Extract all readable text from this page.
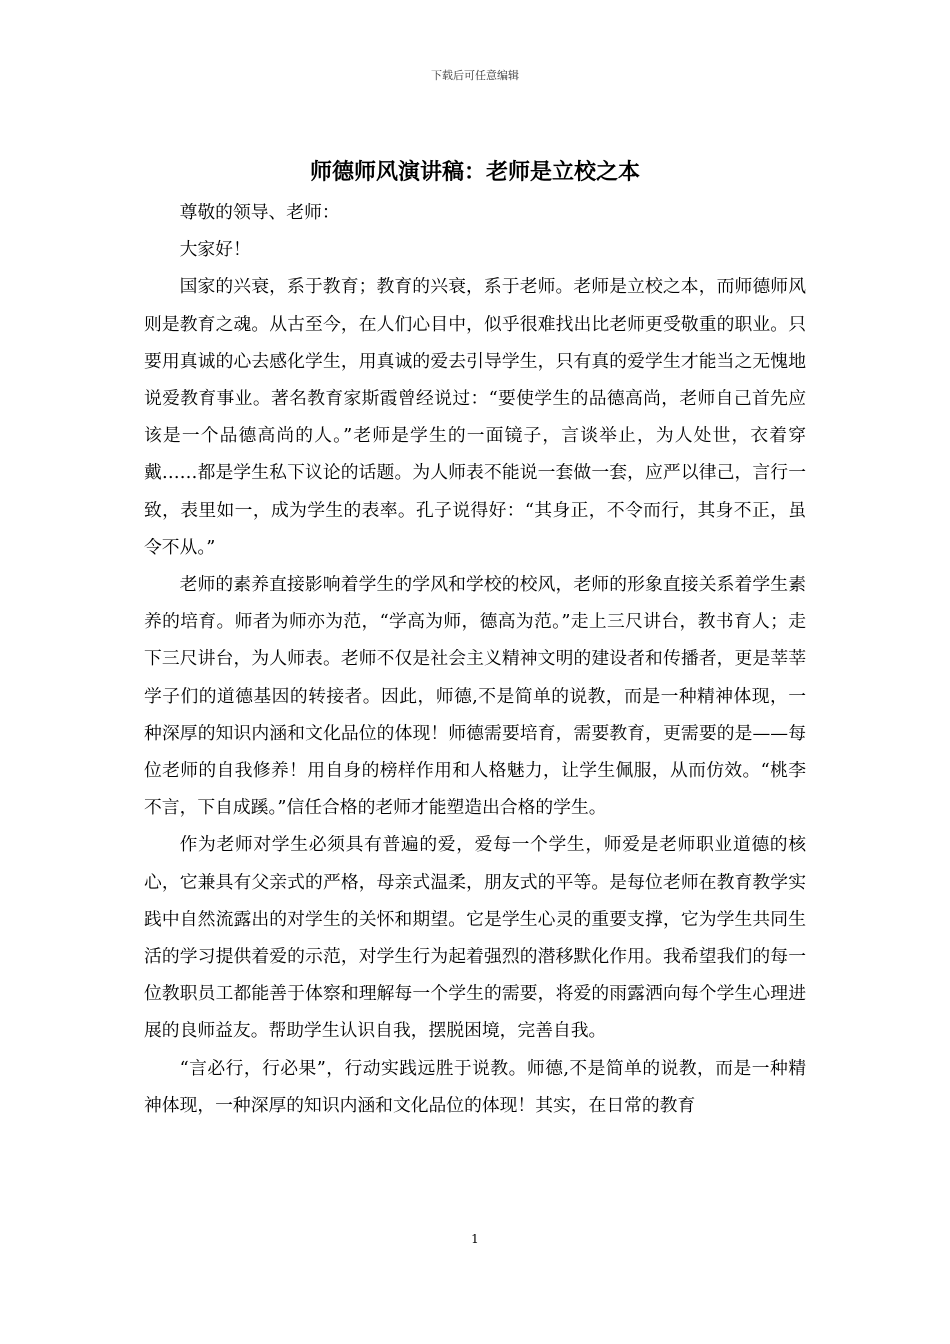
下载后可任意编辑
师德师风演讲稿：老师是立校之本

尊敬的领导、老师：

大家好！

国家的兴衰，系于教育；教育的兴衰，系于老师。老师是立校之本，而师德师风则是教育之魂。从古至今，在人们心目中，似乎很难找出比老师更受敬重的职业。只要用真诚的心去感化学生，用真诚的爱去引导学生，只有真的爱学生才能当之无愧地说爱教育事业。著名教育家斯霞曾经说过：“要使学生的品德高尚，老师自己首先应该是一个品德高尚的人。”老师是学生的一面镜子，言谈举止，为人处世，衣着穿戴……都是学生私下议论的话题。为人师表不能说一套做一套，应严以律己，言行一致，表里如一，成为学生的表率。孔子说得好：“其身正，不令而行，其身不正，虽令不从。”

老师的素养直接影响着学生的学风和学校的校风，老师的形象直接关系着学生素养的培育。师者为师亦为范，“学高为师，德高为范。”走上三尺讲台，教书育人；走下三尺讲台，为人师表。老师不仅是社会主义精神文明的建设者和传播者，更是莘莘学子们的道德基因的转接者。因此，师德,不是简单的说教，而是一种精神体现，一种深厚的知识内涵和文化品位的体现！师德需要培育，需要教育，更需要的是——每位老师的自我修养！用自身的榜样作用和人格魅力，让学生佩服，从而仿效。“桃李不言，下自成蹊。”信任合格的老师才能塑造出合格的学生。

作为老师对学生必须具有普遍的爱，爱每一个学生，师爱是老师职业道德的核心，它兼具有父亲式的严格，母亲式温柔，朋友式的平等。是每位老师在教育教学实践中自然流露出的对学生的关怀和期望。它是学生心灵的重要支撑，它为学生共同生活的学习提供着爱的示范，对学生行为起着强烈的潜移默化作用。我希望我们的每一位教职员工都能善于体察和理解每一个学生的需要，将爱的雨露洒向每个学生心理进展的良师益友。帮助学生认识自我，摆脱困境，完善自我。

“言必行，行必果”，行动实践远胜于说教。师德,不是简单的说教，而是一种精神体现，一种深厚的知识内涵和文化品位的体现！其实，在日常的教育

1
